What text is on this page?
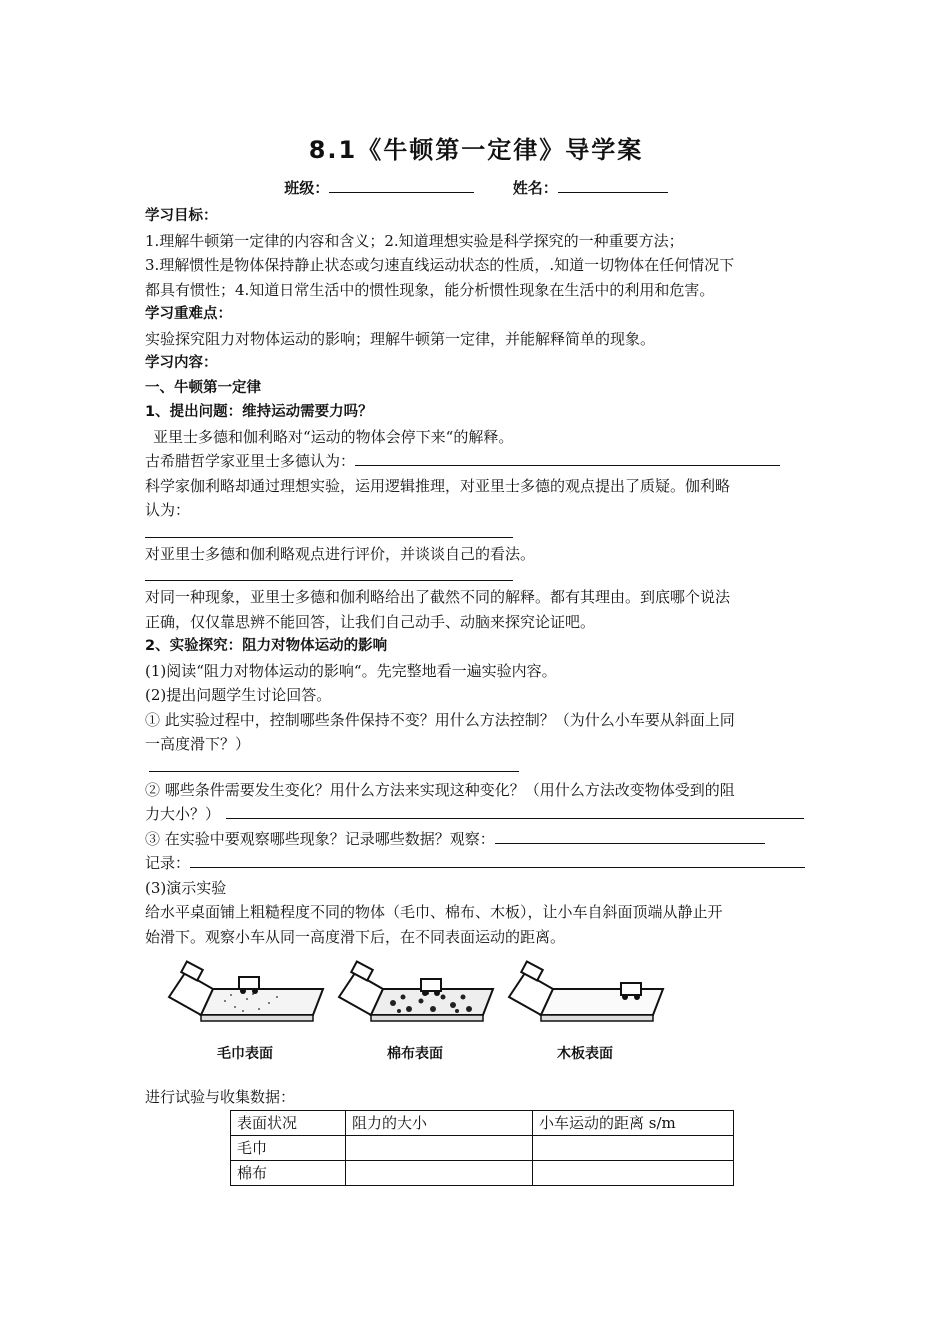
8.1《牛顿第一定律》导学案
班级：	姓名：
学习目标：
1.理解牛顿第一定律的内容和含义；2.知道理想实验是科学探究的一种重要方法；
3.理解惯性是物体保持静止状态或匀速直线运动状态的性质，.知道一切物体在任何情况下
都具有惯性；4.知道日常生活中的惯性现象，能分析惯性现象在生活中的利用和危害。
学习重难点：
实验探究阻力对物体运动的影响；理解牛顿第一定律，并能解释简单的现象。
学习内容：
一、牛顿第一定律
1、提出问题：维持运动需要力吗？
亚里士多德和伽利略对“运动的物体会停下来“的解释。
古希腊哲学家亚里士多德认为：
科学家伽利略却通过理想实验，运用逻辑推理，对亚里士多德的观点提出了质疑。伽利略
认为：
对亚里士多德和伽利略观点进行评价，并谈谈自己的看法。
对同一种现象，亚里士多德和伽利略给出了截然不同的解释。都有其理由。到底哪个说法
正确，仅仅靠思辨不能回答，让我们自己动手、动脑来探究论证吧。
2、实验探究：阻力对物体运动的影响
(1)阅读“阻力对物体运动的影响“。先完整地看一遍实验内容。
(2)提出问题学生讨论回答。
① 此实验过程中，控制哪些条件保持不变？用什么方法控制？（为什么小车要从斜面上同
一高度滑下？）
② 哪些条件需要发生变化？用什么方法来实现这种变化？（用什么方法改变物体受到的阻
力大小？）
③ 在实验中要观察哪些现象？记录哪些数据？观察：
记录：
(3)演示实验
给水平桌面铺上粗糙程度不同的物体（毛巾、棉布、木板），让小车自斜面顶端从静止开
始滑下。观察小车从同一高度滑下后，在不同表面运动的距离。
毛巾表面	棉布表面	木板表面
进行试验与收集数据：
表面状况	阻力的大小	小车运动的距离 s/m
毛巾		
棉布		
